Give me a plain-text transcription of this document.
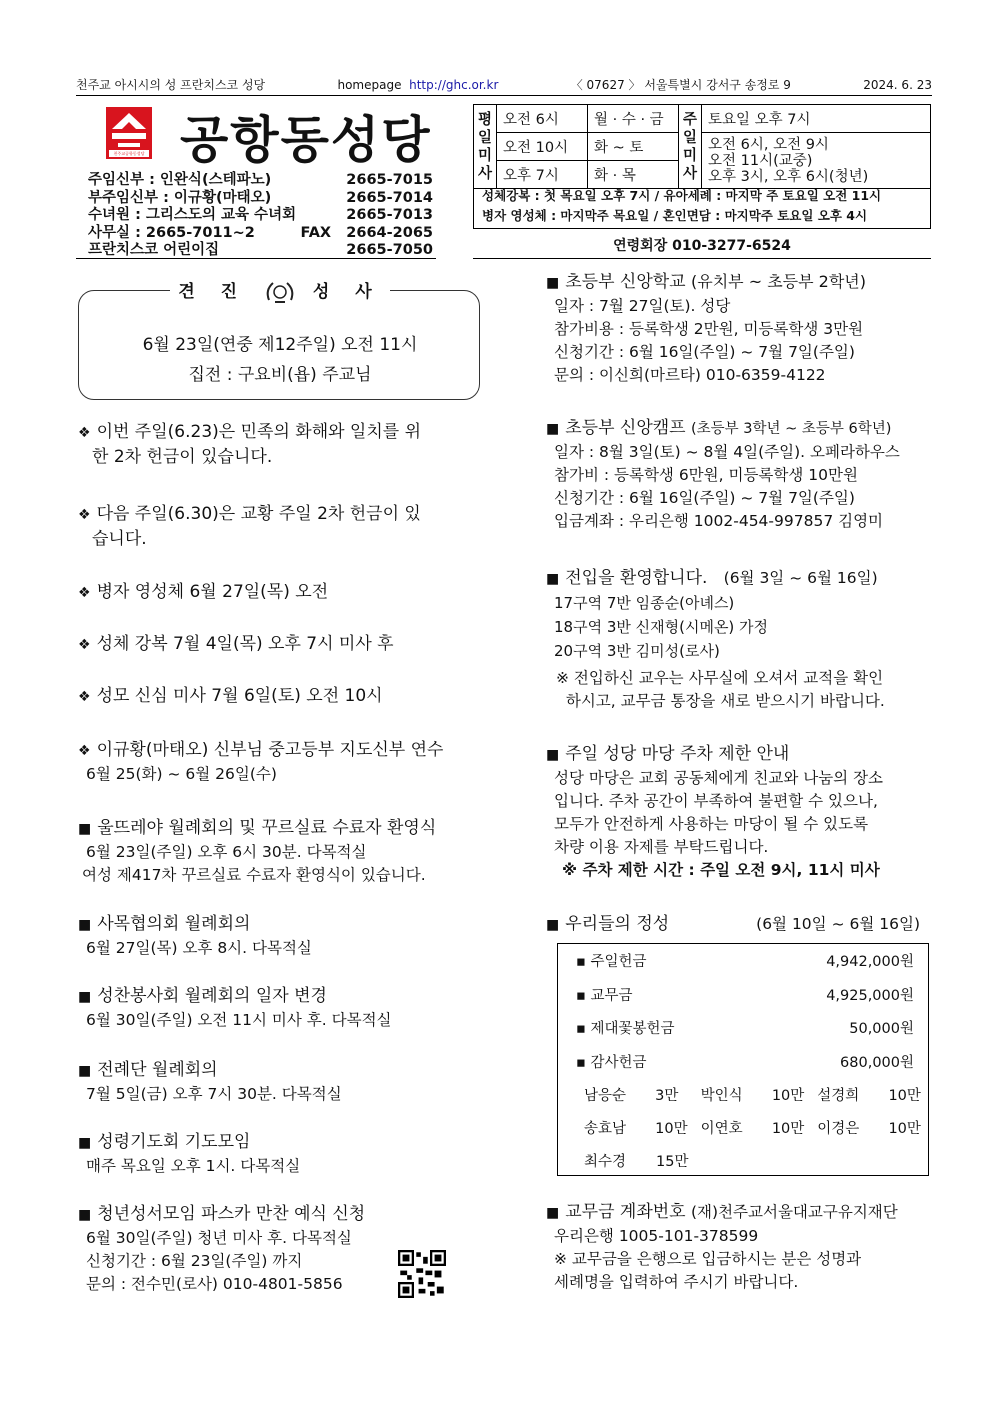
천주교 아시시의 성 프란치스코 성당	homepage http://ghc.or.kr	〈 07627 〉 서울특별시 강서구 송정로 9	2024. 6. 23
천주교공항동성당 공항동성당
주임신부 : 인완식(스테파노)	2665-7015
부주임신부 : 이규황(마태오)	2665-7014
수녀원 : 그리스도의 교육 수녀회	2665-7013
사무실 : 2665-7011~2	FAX 2664-2065
프란치스코 어린이집	2665-7050
평일미사	오전 6시	월 · 수 · 금	주일미사	토요일 오후 7시
	오전 10시	화 ~ 토		오전 6시, 오전 9시
오전 11시(교중)
오후 3시, 오후 6시(청년)

	오후 7시	화 · 목		
성체강복 : 첫 목요일 오후 7시 / 유아세례 : 마지막 주 토요일 오전 11시
병자 영성체 : 마지막주 목요일 / 혼인면담 : 마지막주 토요일 오후 4시
연령회장 010-3277-6524
견 진	성 사
6월 23일(연중 제12주일) 오전 11시
집전 : 구요비(욥) 주교님
❖ 이번 주일(6.23)은 민족의 화해와 일치를 위
한 2차 헌금이 있습니다.
❖ 다음 주일(6.30)은 교황 주일 2차 헌금이 있
습니다.
❖ 병자 영성체 6월 27일(목) 오전
❖ 성체 강복 7월 4일(목) 오후 7시 미사 후
❖ 성모 신심 미사 7월 6일(토) 오전 10시
❖ 이규황(마태오) 신부님 중고등부 지도신부 연수
6월 25(화) ~ 6월 26일(수)
■ 울뜨레야 월례회의 및 꾸르실료 수료자 환영식
6월 23일(주일) 오후 6시 30분. 다목적실
여성 제417차 꾸르실료 수료자 환영식이 있습니다.
■ 사목협의회 월례회의
6월 27일(목) 오후 8시. 다목적실
■ 성찬봉사회 월례회의 일자 변경
6월 30일(주일) 오전 11시 미사 후. 다목적실
■ 전례단 월례회의
7월 5일(금) 오후 7시 30분. 다목적실
■ 성령기도회 기도모임
매주 목요일 오후 1시. 다목적실
■ 청년성서모임 파스카 만찬 예식 신청
6월 30일(주일) 청년 미사 후. 다목적실
신청기간 : 6월 23일(주일) 까지
문의 : 전수민(로사) 010-4801-5856
■ 초등부 신앙학교 (유치부 ~ 초등부 2학년)
일자 : 7월 27일(토). 성당
참가비용 : 등록학생 2만원, 미등록학생 3만원
신청기간 : 6월 16일(주일) ~ 7월 7일(주일)
문의 : 이신희(마르타) 010-6359-4122
■ 초등부 신앙캠프 (초등부 3학년 ~ 초등부 6학년)
일자 : 8월 3일(토) ~ 8월 4일(주일). 오페라하우스
참가비 : 등록학생 6만원, 미등록학생 10만원
신청기간 : 6월 16일(주일) ~ 7월 7일(주일)
입금계좌 : 우리은행 1002-454-997857 김영미
■ 전입을 환영합니다. (6월 3일 ~ 6월 16일)
17구역 7반 임종순(아녜스)
18구역 3반 신재형(시메온) 가정
20구역 3반 김미성(로사)
※ 전입하신 교우는 사무실에 오셔서 교적을 확인
하시고, 교무금 통장을 새로 받으시기 바랍니다.
■ 주일 성당 마당 주차 제한 안내
성당 마당은 교회 공동체에게 친교와 나눔의 장소
입니다. 주차 공간이 부족하여 불편할 수 있으나,
모두가 안전하게 사용하는 마당이 될 수 있도록
차량 이용 자제를 부탁드립니다.
※ 주차 제한 시간 : 주일 오전 9시, 11시 미사
■ 우리들의 정성	(6월 10일 ~ 6월 16일)
▪ 주일헌금	4,942,000원
▪ 교무금	4,925,000원
▪ 제대꽃봉헌금	50,000원
▪ 감사헌금	680,000원
남응순	3만	박인식	10만 설경희	10만
송효남	10만 이연호	10만 이경은	10만
최수경	15만
■ 교무금 계좌번호 (재)천주교서울대교구유지재단
우리은행 1005-101-378599
※ 교무금을 은행으로 입금하시는 분은 성명과
세례명을 입력하여 주시기 바랍니다.
